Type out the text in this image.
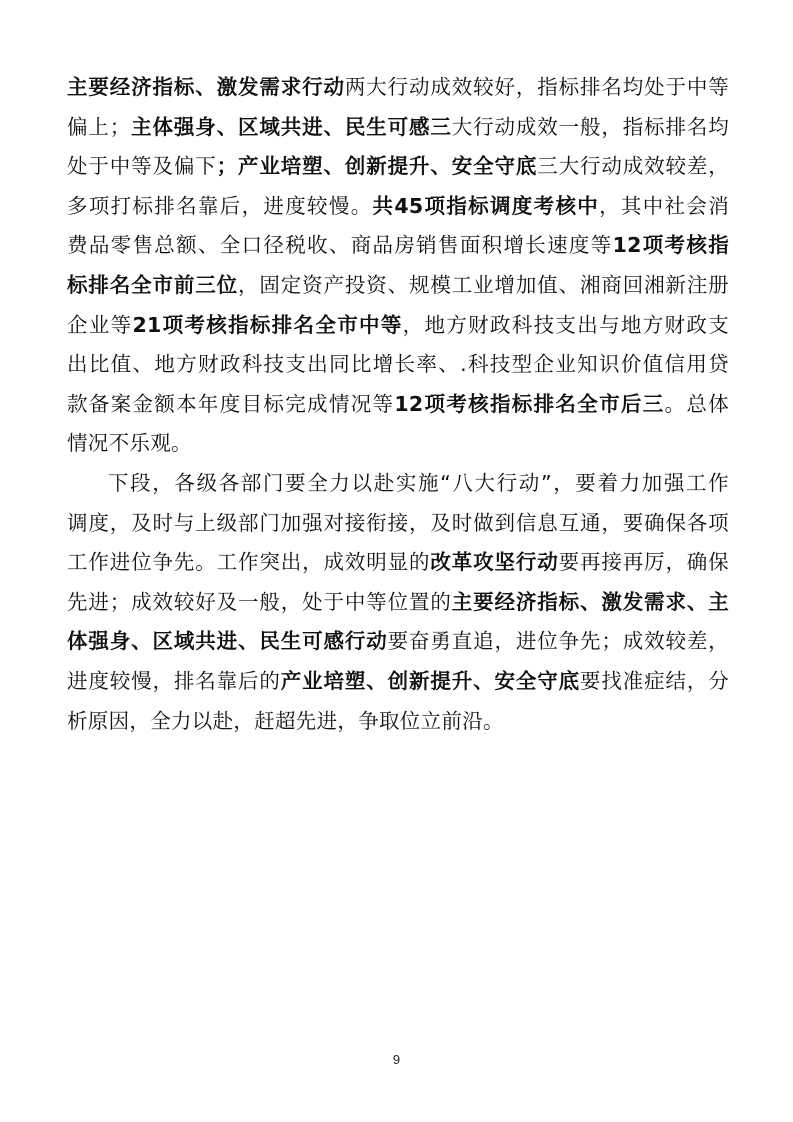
主要经济指标、激发需求行动两大行动成效较好，指标排名均处于中等
偏上；主体强身、区域共进、民生可感三大行动成效一般，指标排名均
处于中等及偏下；产业培塑、创新提升、安全守底三大行动成效较差，
多项打标排名靠后，进度较慢。共45项指标调度考核中，其中社会消
费品零售总额、全口径税收、商品房销售面积增长速度等12项考核指
标排名全市前三位，固定资产投资、规模工业增加值、湘商回湘新注册
企业等21项考核指标排名全市中等，地方财政科技支出与地方财政支
出比值、地方财政科技支出同比增长率、.科技型企业知识价值信用贷
款备案金额本年度目标完成情况等12项考核指标排名全市后三。总体
情况不乐观。
下段，各级各部门要全力以赴实施“八大行动”，要着力加强工作
调度，及时与上级部门加强对接衔接，及时做到信息互通，要确保各项
工作进位争先。工作突出，成效明显的改革攻坚行动要再接再厉，确保
先进；成效较好及一般，处于中等位置的主要经济指标、激发需求、主
体强身、区域共进、民生可感行动要奋勇直追，进位争先；成效较差，
进度较慢，排名靠后的产业培塑、创新提升、安全守底要找准症结，分
析原因，全力以赴，赶超先进，争取位立前沿。
9
